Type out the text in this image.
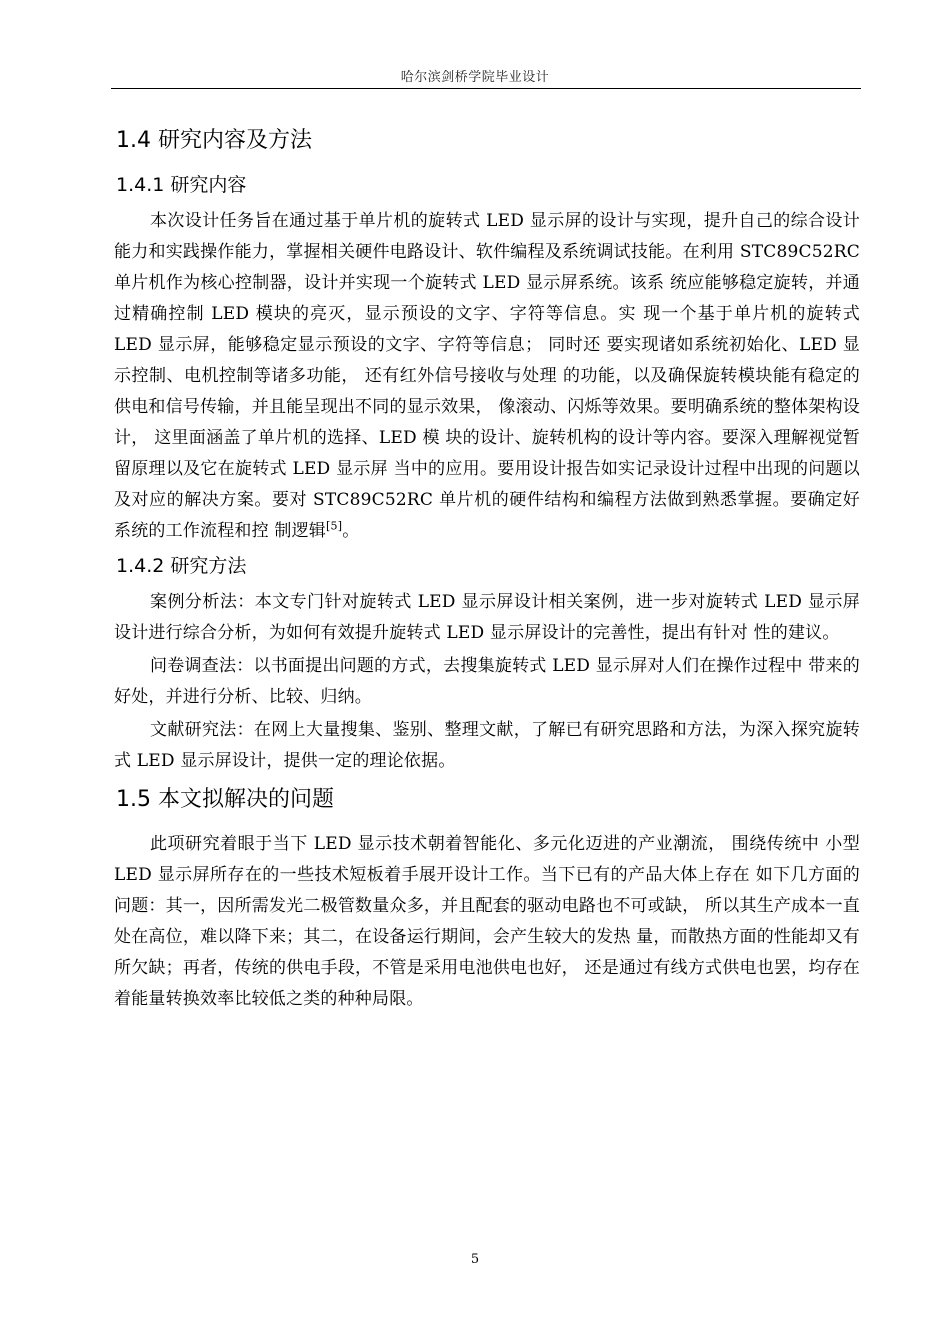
哈尔滨剑桥学院毕业设计
1.4 研究内容及方法
1.4.1 研究内容

本次设计任务旨在通过基于单片机的旋转式 LED 显示屏的设计与实现，提升自己的综合设计能力和实践操作能力，掌握相关硬件电路设计、软件编程及系统调试技能。在利用 STC89C52RC 单片机作为核心控制器，设计并实现一个旋转式 LED 显示屏系统。该系 统应能够稳定旋转，并通过精确控制 LED 模块的亮灭，显示预设的文字、字符等信息。实 现一个基于单片机的旋转式 LED 显示屏，能够稳定显示预设的文字、字符等信息； 同时还 要实现诸如系统初始化、LED 显示控制、电机控制等诸多功能， 还有红外信号接收与处理 的功能，以及确保旋转模块能有稳定的供电和信号传输，并且能呈现出不同的显示效果， 像滚动、闪烁等效果。要明确系统的整体架构设计， 这里面涵盖了单片机的选择、LED 模 块的设计、旋转机构的设计等内容。要深入理解视觉暂留原理以及它在旋转式 LED 显示屏 当中的应用。要用设计报告如实记录设计过程中出现的问题以及对应的解决方案。要对 STC89C52RC 单片机的硬件结构和编程方法做到熟悉掌握。要确定好系统的工作流程和控 制逻辑[5]。

1.4.2 研究方法

案例分析法：本文专门针对旋转式 LED 显示屏设计相关案例，进一步对旋转式 LED 显示屏设计进行综合分析，为如何有效提升旋转式 LED 显示屏设计的完善性，提出有针对 性的建议。

问卷调查法：以书面提出问题的方式，去搜集旋转式 LED 显示屏对人们在操作过程中 带来的好处，并进行分析、比较、归纳。

文献研究法：在网上大量搜集、鉴别、整理文献，了解已有研究思路和方法，为深入探究旋转式 LED 显示屏设计，提供一定的理论依据。

1.5 本文拟解决的问题

此项研究着眼于当下 LED 显示技术朝着智能化、多元化迈进的产业潮流， 围绕传统中 小型 LED 显示屏所存在的一些技术短板着手展开设计工作。当下已有的产品大体上存在 如下几方面的问题：其一，因所需发光二极管数量众多，并且配套的驱动电路也不可或缺， 所以其生产成本一直处在高位，难以降下来；其二，在设备运行期间，会产生较大的发热 量，而散热方面的性能却又有所欠缺；再者，传统的供电手段，不管是采用电池供电也好， 还是通过有线方式供电也罢，均存在着能量转换效率比较低之类的种种局限。

5
